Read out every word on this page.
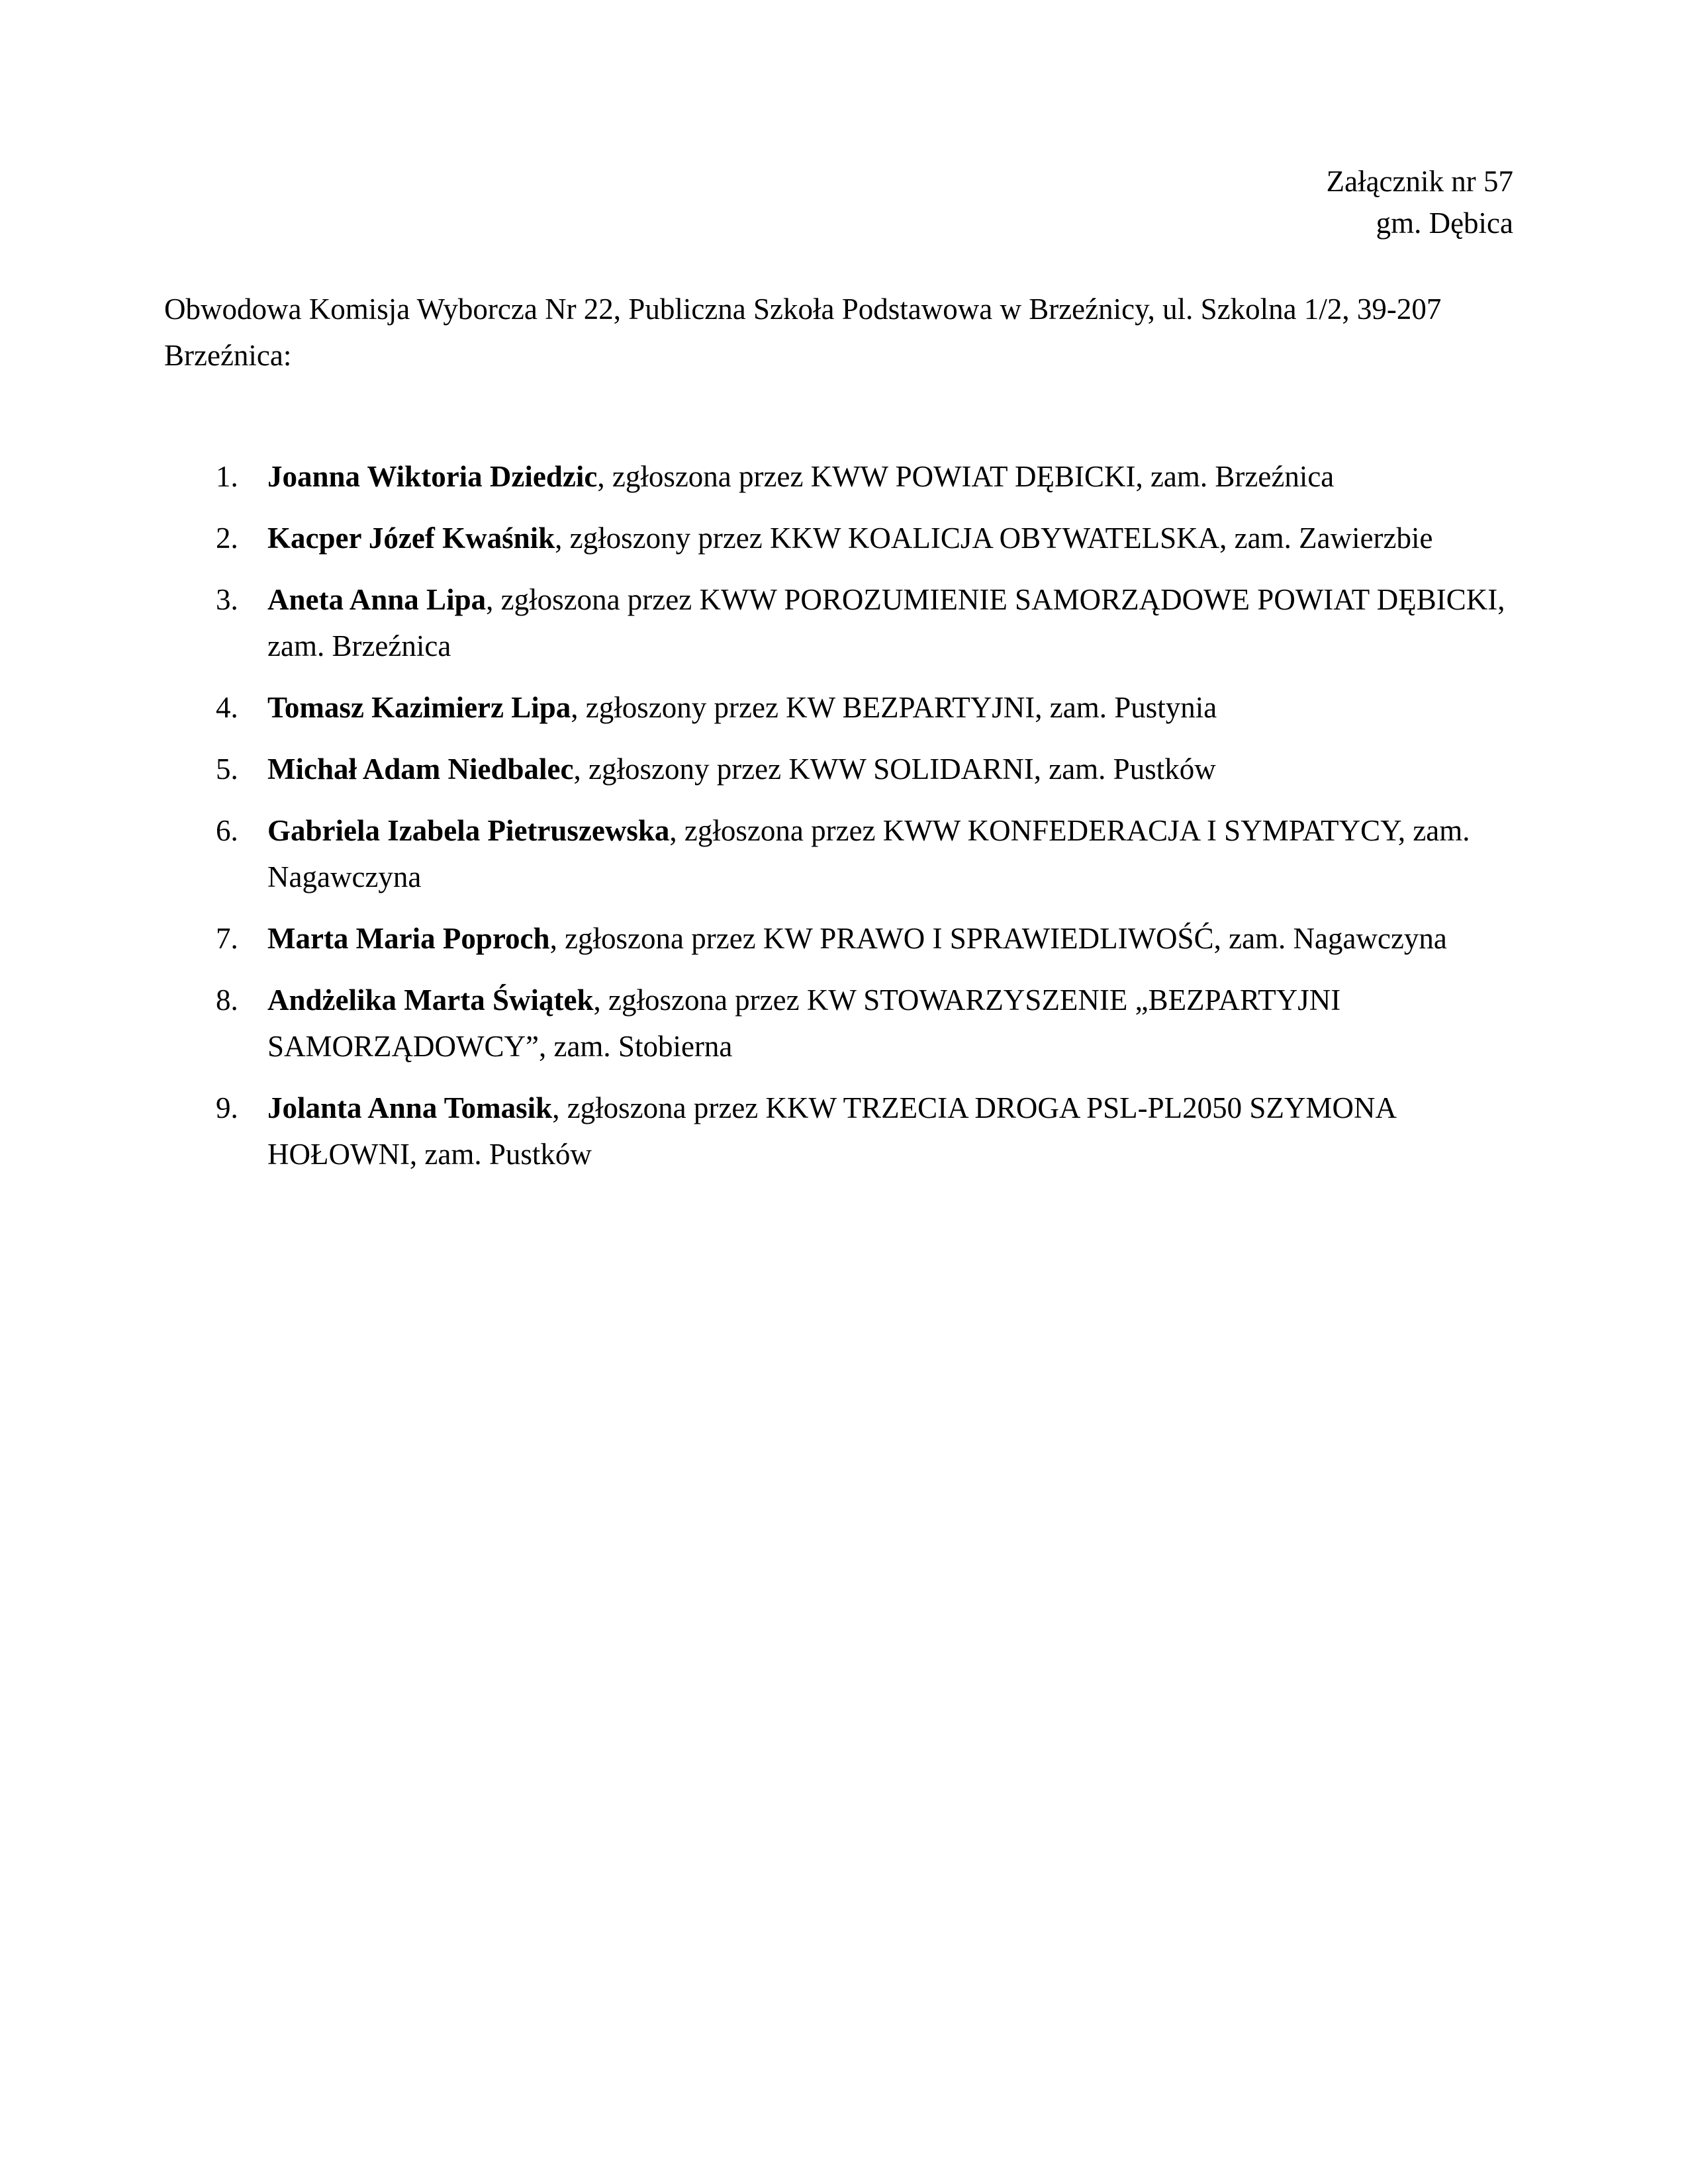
Załącznik nr 57
gm. Dębica
Obwodowa Komisja Wyborcza Nr 22, Publiczna Szkoła Podstawowa w Brzeźnicy, ul. Szkolna 1/2, 39-207 Brzeźnica:
1. Joanna Wiktoria Dziedzic, zgłoszona przez KWW POWIAT DĘBICKI, zam. Brzeźnica
2. Kacper Józef Kwaśnik, zgłoszony przez KKW KOALICJA OBYWATELSKA, zam. Zawierzbie
3. Aneta Anna Lipa, zgłoszona przez KWW POROZUMIENIE SAMORZĄDOWE POWIAT DĘBICKI, zam. Brzeźnica
4. Tomasz Kazimierz Lipa, zgłoszony przez KW BEZPARTYJNI, zam. Pustynia
5. Michał Adam Niedbalec, zgłoszony przez KWW SOLIDARNI, zam. Pustków
6. Gabriela Izabela Pietruszewska, zgłoszona przez KWW KONFEDERACJA I SYMPATYCY, zam. Nagawczyna
7. Marta Maria Poproch, zgłoszona przez KW PRAWO I SPRAWIEDLIWOŚĆ, zam. Nagawczyna
8. Andżelika Marta Świątek, zgłoszona przez KW STOWARZYSZENIE „BEZPARTYJNI SAMORZĄDOWCY”, zam. Stobierna
9. Jolanta Anna Tomasik, zgłoszona przez KKW TRZECIA DROGA PSL-PL2050 SZYMONA HOŁOWNI, zam. Pustków
